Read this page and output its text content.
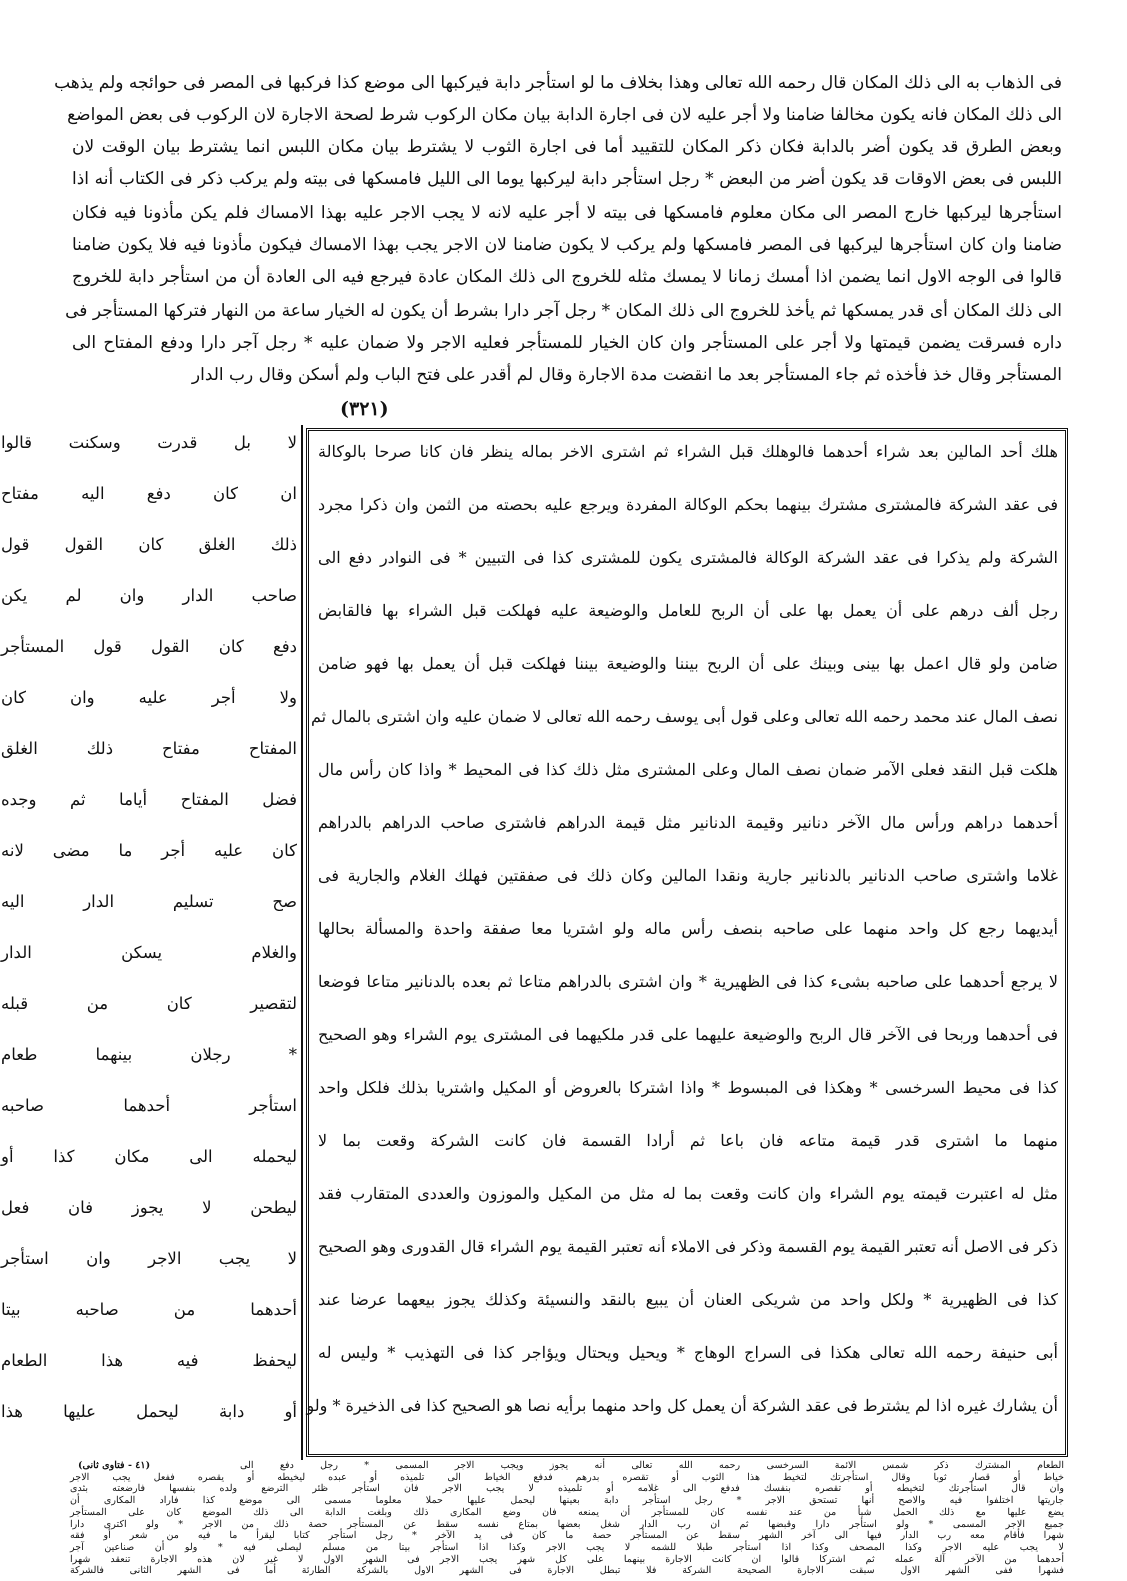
فى الذهاب به الى ذلك المكان قال رحمه الله تعالى وهذا بخلاف ما لو استأجر دابة فيركبها الى موضع كذا فركبها فى المصر فى حوائجه ولم يذهب
الى ذلك المكان فانه يكون مخالفا ضامنا ولا أجر عليه لان فى اجارة الدابة بيان مكان الركوب شرط لصحة الاجارة لان الركوب فى بعض المواضع
وبعض الطرق قد يكون أضر بالدابة فكان ذكر المكان للتقييد أما فى اجارة الثوب لا يشترط بيان مكان اللبس انما يشترط بيان الوقت لان
اللبس فى بعض الاوقات قد يكون أضر من البعض * رجل استأجر دابة ليركبها يوما الى الليل فامسكها فى بيته ولم يركب ذكر فى الكتاب أنه اذا
استأجرها ليركبها خارج المصر الى مكان معلوم فامسكها فى بيته لا أجر عليه لانه لا يجب الاجر عليه بهذا الامساك فلم يكن مأذونا فيه فكان
ضامنا وان كان استأجرها ليركبها فى المصر فامسكها ولم يركب لا يكون ضامنا لان الاجر يجب بهذا الامساك فيكون مأذونا فيه فلا يكون ضامنا
قالوا فى الوجه الاول انما يضمن اذا أمسك زمانا لا يمسك مثله للخروج الى ذلك المكان عادة فيرجع فيه الى العادة أن من استأجر دابة للخروج
الى ذلك المكان أى قدر يمسكها ثم يأخذ للخروج الى ذلك المكان * رجل آجر دارا بشرط أن يكون له الخيار ساعة من النهار فتركها المستأجر فى
داره فسرقت يضمن قيمتها ولا أجر على المستأجر وان كان الخيار للمستأجر فعليه الاجر ولا ضمان عليه * رجل آجر دارا ودفع المفتاح الى
المستأجر وقال خذ فأخذه ثم جاء المستأجر بعد ما انقضت مدة الاجارة وقال لم أقدر على فتح الباب ولم أسكن وقال رب الدار
(٣٢١)
لا بل قدرت وسكنت قالوا
ان كان دفع اليه مفتاح
ذلك الغلق كان القول قول
صاحب الدار وان لم يكن
دفع كان القول قول المستأجر
ولا أجر عليه وان كان
المفتاح مفتاح ذلك الغلق
فضل المفتاح أياما ثم وجده
كان عليه أجر ما مضى لانه
صح تسليم الدار اليه
والغلام يسكن الدار
لتقصير كان من قبله
* رجلان بينهما طعام
استأجر أحدهما صاحبه
ليحمله الى مكان كذا أو
ليطحن لا يجوز فان فعل
لا يجب الاجر وان استأجر
أحدهما من صاحبه بيتا
ليحفظ فيه هذا الطعام
أو دابة ليحمل عليها هذا
هلك أحد المالين بعد شراء أحدهما فالوهلك قبل الشراء ثم اشترى الاخر بماله ينظر فان كانا صرحا بالوكالة
فى عقد الشركة فالمشترى مشترك بينهما بحكم الوكالة المفردة ويرجع عليه بحصته من الثمن وان ذكرا مجرد
الشركة ولم يذكرا فى عقد الشركة الوكالة فالمشترى يكون للمشترى كذا فى التبيين * فى النوادر دفع الى
رجل ألف درهم على أن يعمل بها على أن الربح للعامل والوضيعة عليه فهلكت قبل الشراء بها فالقابض
ضامن ولو قال اعمل بها بينى وبينك على أن الربح بيننا والوضيعة بيننا فهلكت قبل أن يعمل بها فهو ضامن
نصف المال عند محمد رحمه الله تعالى وعلى قول أبى يوسف رحمه الله تعالى لا ضمان عليه وان اشترى بالمال ثم
هلكت قبل النقد فعلى الآمر ضمان نصف المال وعلى المشترى مثل ذلك كذا فى المحيط * واذا كان رأس مال
أحدهما دراهم ورأس مال الآخر دنانير وقيمة الدنانير مثل قيمة الدراهم فاشترى صاحب الدراهم بالدراهم
غلاما واشترى صاحب الدنانير بالدنانير جارية ونقدا المالين وكان ذلك فى صفقتين فهلك الغلام والجارية فى
أيديهما رجع كل واحد منهما على صاحبه بنصف رأس ماله ولو اشتريا معا صفقة واحدة والمسألة بحالها
لا يرجع أحدهما على صاحبه بشىء كذا فى الظهيرية * وان اشترى بالدراهم متاعا ثم بعده بالدنانير متاعا فوضعا
فى أحدهما وربحا فى الآخر قال الربح والوضيعة عليهما على قدر ملكيهما فى المشترى يوم الشراء وهو الصحيح
كذا فى محيط السرخسى * وهكذا فى المبسوط * واذا اشتركا بالعروض أو المكيل واشتريا بذلك فلكل واحد
منهما ما اشترى قدر قيمة متاعه فان باعا ثم أرادا القسمة فان كانت الشركة وقعت بما لا
مثل له اعتبرت قيمته يوم الشراء وان كانت وقعت بما له مثل من المكيل والموزون والعددى المتقارب فقد
ذكر فى الاصل أنه تعتبر القيمة يوم القسمة وذكر فى الاملاء أنه تعتبر القيمة يوم الشراء قال القدورى وهو الصحيح
كذا فى الظهيرية * ولكل واحد من شريكى العنان أن يبيع بالنقد والنسيئة وكذلك يجوز بيعهما عرضا عند
أبى حنيفة رحمه الله تعالى هكذا فى السراج الوهاج * ويحيل ويحتال ويؤاجر كذا فى التهذيب * وليس له
أن يشارك غيره اذا لم يشترط فى عقد الشركة أن يعمل كل واحد منهما برأيه نصا هو الصحيح كذا فى الذخيرة * ولو
(٤١ - فتاوى ثانى)	الطعام المشترك ذكر شمس الائمة السرخسى رحمه الله تعالى أنه يجوز ويجب الاجر المسمى * رجل دفع الى
خياط أو قصار ثوبا وقال استأجرتك لتخيط هذا الثوب أو تقصره بدرهم فدفع الخياط الى تلميذه أو عبده ليخيطه أو يقصره ففعل يجب الاجر
وان قال استأجرتك لتخيطه أو تقصره بنفسك فدفع الى غلامه أو تلميذه لا يجب الاجر فان استأجر ظئر الترضع ولده بنفسها فارضعته بثدى
جاريتها اختلفوا فيه والاصح أنها تستحق الاجر * رجل استأجر دابة بعينها ليحمل عليها حملا معلوما مسمى الى موضع كذا فاراد المكارى أن
يضع عليها مع ذلك الحمل شيأ من عند نفسه كان للمستأجر أن يمنعه فان وضع المكارى ذلك وبلغت الدابة الى ذلك الموضع كان على المستأجر
جميع الاجر المسمى * ولو استأجر دارا وقبضها ثم ان رب الدار شغل بعضها بمتاع نفسه سقط عن المستأجر حصة ذلك من الاجر * ولو اكترى دارا
شهرا فأقام معه رب الدار فيها الى آخر الشهر سقط عن المستأجر حصة ما كان فى يد الآخر * رجل استأجر كتابا ليقرأ ما فيه من شعر أو فقه
لا يجب عليه الاجر وكذا المصحف وكذا اذا استأجر طبلا للشمه لا يجب الاجر وكذا اذا استأجر بيتا من مسلم ليصلى فيه * ولو أن صناعين آجر
أحدهما من الآخر آلة عمله ثم اشتركا قالوا ان كانت الاجارة بينهما على كل شهر يجب الاجر فى الشهر الاول لا غير لان هذه الاجارة تنعقد شهرا
فشهرا ففى الشهر الاول سبقت الاجارة الصحيحة الشركة فلا تبطل الاجارة فى الشهر الاول بالشركة الطارئة أما فى الشهر الثانى فالشركة
